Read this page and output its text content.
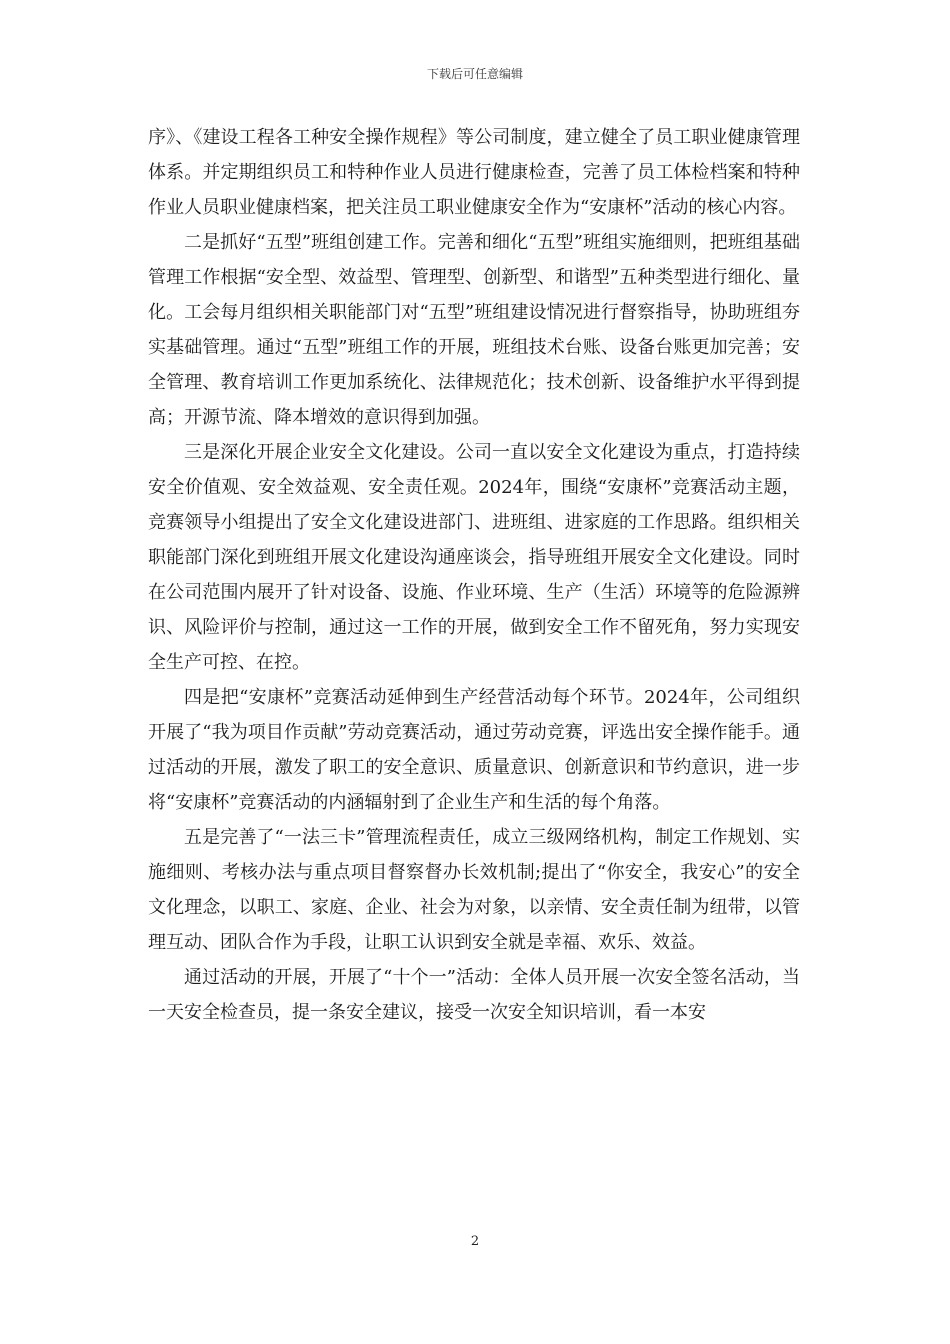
下载后可任意编辑

序》、《建设工程各工种安全操作规程》等公司制度，建立健全了员工职业健康管理体系。并定期组织员工和特种作业人员进行健康检查，完善了员工体检档案和特种作业人员职业健康档案，把关注员工职业健康安全作为“安康杯”活动的核心内容。

二是抓好“五型”班组创建工作。完善和细化“五型”班组实施细则，把班组基础管理工作根据“安全型、效益型、管理型、创新型、和谐型”五种类型进行细化、量化。工会每月组织相关职能部门对“五型”班组建设情况进行督察指导，协助班组夯实基础管理。通过“五型”班组工作的开展，班组技术台账、设备台账更加完善；安全管理、教育培训工作更加系统化、法律规范化；技术创新、设备维护水平得到提高；开源节流、降本增效的意识得到加强。

三是深化开展企业安全文化建设。公司一直以安全文化建设为重点，打造持续安全价值观、安全效益观、安全责任观。2024年，围绕“安康杯”竞赛活动主题，竞赛领导小组提出了安全文化建设进部门、进班组、进家庭的工作思路。组织相关职能部门深化到班组开展文化建设沟通座谈会，指导班组开展安全文化建设。同时在公司范围内展开了针对设备、设施、作业环境、生产（生活）环境等的危险源辨识、风险评价与控制，通过这一工作的开展，做到安全工作不留死角，努力实现安全生产可控、在控。

四是把“安康杯”竞赛活动延伸到生产经营活动每个环节。2024年，公司组织开展了“我为项目作贡献”劳动竞赛活动，通过劳动竞赛，评选出安全操作能手。通过活动的开展，激发了职工的安全意识、质量意识、创新意识和节约意识，进一步将“安康杯”竞赛活动的内涵辐射到了企业生产和生活的每个角落。

五是完善了“一法三卡”管理流程责任，成立三级网络机构，制定工作规划、实施细则、考核办法与重点项目督察督办长效机制;提出了“你安全，我安心”的安全文化理念，以职工、家庭、企业、社会为对象，以亲情、安全责任制为纽带，以管理互动、团队合作为手段，让职工认识到安全就是幸福、欢乐、效益。

通过活动的开展，开展了“十个一”活动：全体人员开展一次安全签名活动，当一天安全检查员，提一条安全建议，接受一次安全知识培训，看一本安

2
